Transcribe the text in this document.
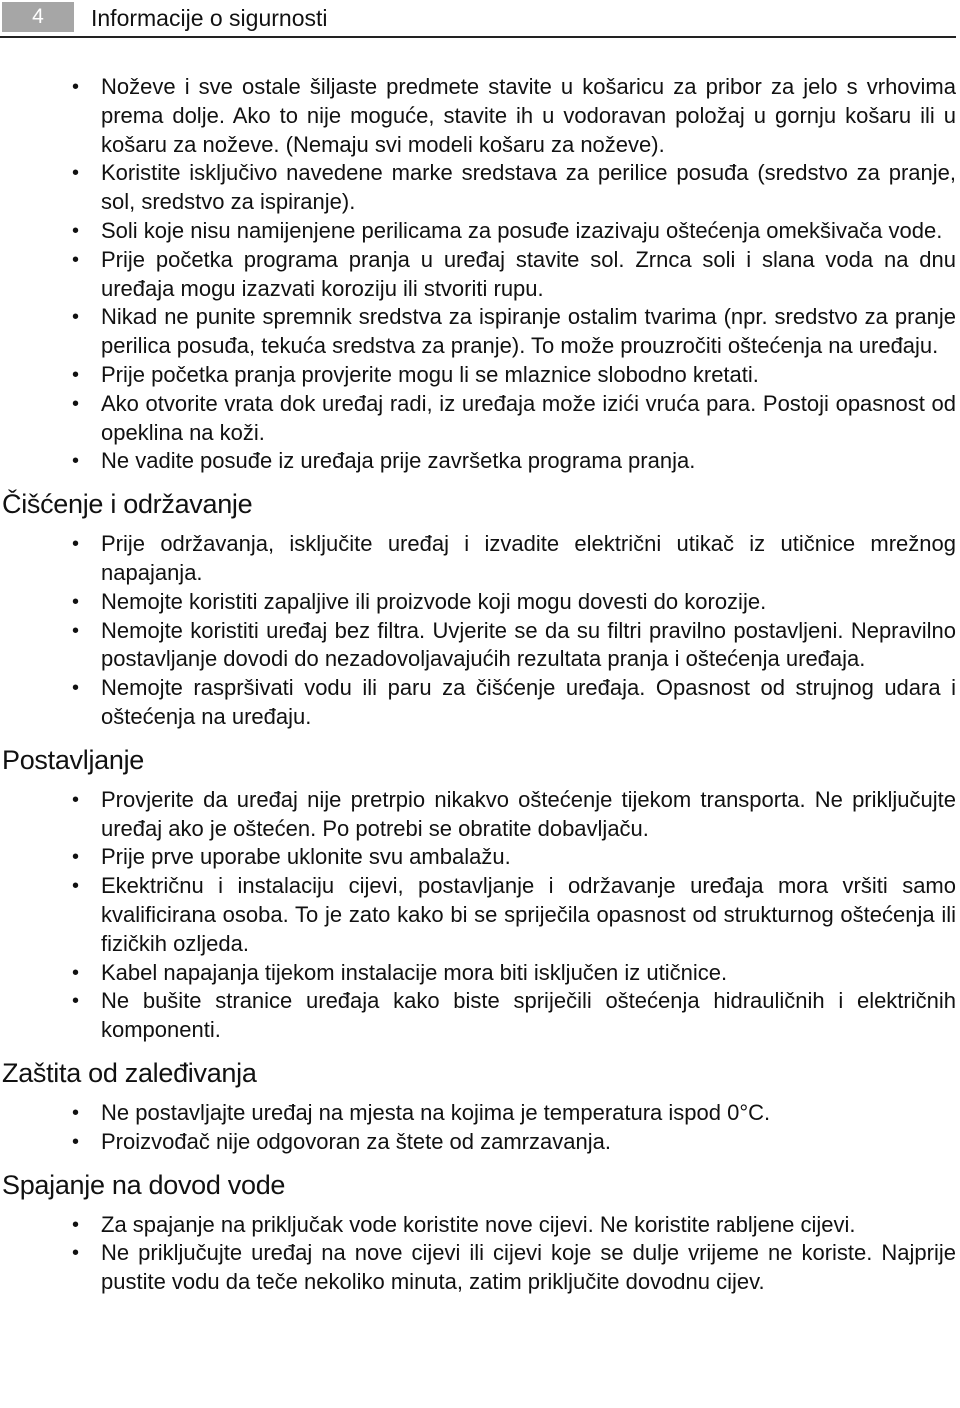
4	Informacije o sigurnosti
• Noževe i sve ostale šiljaste predmete stavite u košaricu za pribor za jelo s vrhovima prema dolje. Ako to nije moguće, stavite ih u vodoravan položaj u gornju košaru ili u košaru za noževe. (Nemaju svi modeli košaru za noževe).
• Koristite isključivo navedene marke sredstava za perilice posuđa (sredstvo za pranje, sol, sredstvo za ispiranje).
• Soli koje nisu namijenjene perilicama za posuđe izazivaju oštećenja omekšivača vode.
• Prije početka programa pranja u uređaj stavite sol. Zrnca soli i slana voda na dnu uređaja mogu izazvati koroziju ili stvoriti rupu.
• Nikad ne punite spremnik sredstva za ispiranje ostalim tvarima (npr. sredstvo za pranje perilica posuđa, tekuća sredstva za pranje). To može prouzročiti oštećenja na uređaju.
• Prije početka pranja provjerite mogu li se mlaznice slobodno kretati.
• Ako otvorite vrata dok uređaj radi, iz uređaja može izići vruća para. Postoji opasnost od opeklina na koži.
• Ne vadite posuđe iz uređaja prije završetka programa pranja.
Čišćenje i održavanje
• Prije održavanja, isključite uređaj i izvadite električni utikač iz utičnice mrežnog napajanja.
• Nemojte koristiti zapaljive ili proizvode koji mogu dovesti do korozije.
• Nemojte koristiti uređaj bez filtra. Uvjerite se da su filtri pravilno postavljeni. Nepravilno postavljanje dovodi do nezadovoljavajućih rezultata pranja i oštećenja uređaja.
• Nemojte raspršivati vodu ili paru za čišćenje uređaja. Opasnost od strujnog udara i oštećenja na uređaju.
Postavljanje
• Provjerite da uređaj nije pretrpio nikakvo oštećenje tijekom transporta. Ne priključujte uređaj ako je oštećen. Po potrebi se obratite dobavljaču.
• Prije prve uporabe uklonite svu ambalažu.
• Ekektričnu i instalaciju cijevi, postavljanje i održavanje uređaja mora vršiti samo kvalificirana osoba. To je zato kako bi se spriječila opasnost od strukturnog oštećenja ili fizičkih ozljeda.
• Kabel napajanja tijekom instalacije mora biti isključen iz utičnice.
• Ne bušite stranice uređaja kako biste spriječili oštećenja hidrauličnih i električnih komponenti.
Zaštita od zaleđivanja
• Ne postavljajte uređaj na mjesta na kojima je temperatura ispod 0°C.
• Proizvođač nije odgovoran za štete od zamrzavanja.
Spajanje na dovod vode
• Za spajanje na priključak vode koristite nove cijevi. Ne koristite rabljene cijevi.
• Ne priključujte uređaj na nove cijevi ili cijevi koje se dulje vrijeme ne koriste. Najprije pustite vodu da teče nekoliko minuta, zatim priključite dovodnu cijev.
